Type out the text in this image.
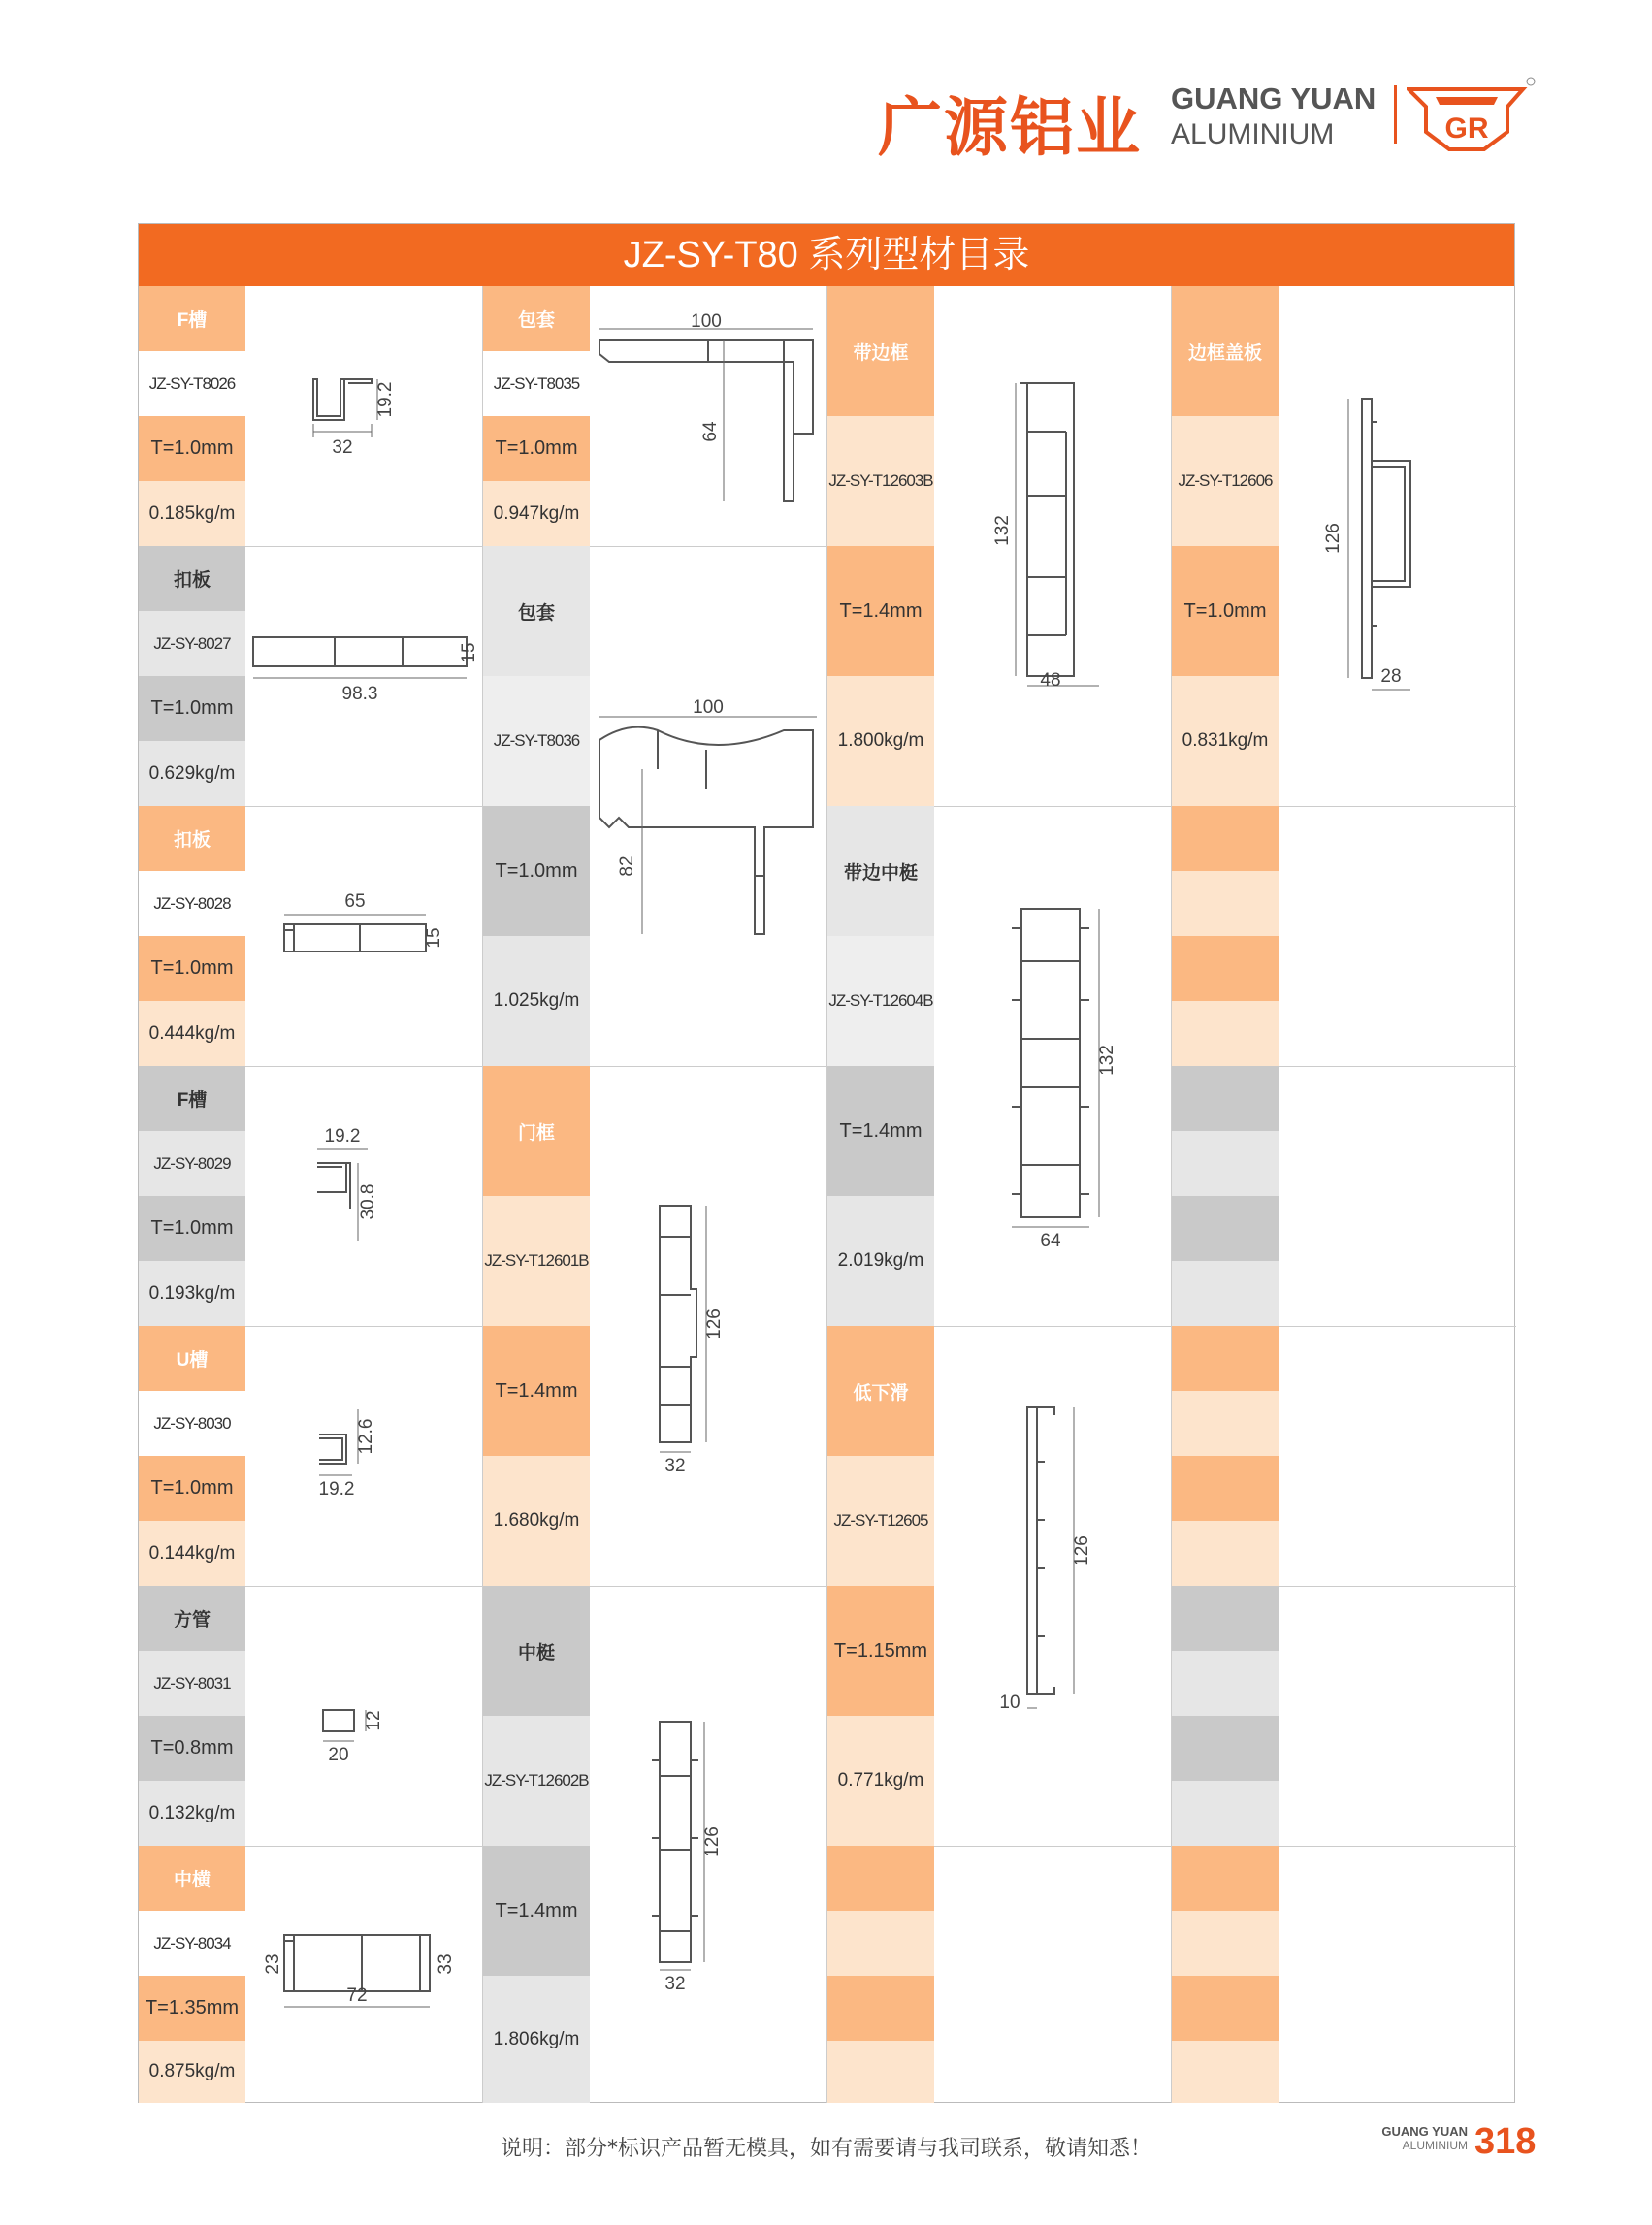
广源铝业 GUANG YUAN
ALUMINIUM	GR
JZ-SY-T80 系列型材目录
F槽
JZ-SY-T8026
T=1.0mm
0.185kg/m
32
19.2
扣板
JZ-SY-8027
T=1.0mm
0.629kg/m
98.3
15
扣板
JZ-SY-8028
T=1.0mm
0.444kg/m
65
15
F槽
JZ-SY-8029
T=1.0mm
0.193kg/m
19.2
30.8
U槽
JZ-SY-8030
T=1.0mm
0.144kg/m
12.6
19.2
方管
JZ-SY-8031
T=0.8mm
0.132kg/m
12
20
中横
JZ-SY-8034
T=1.35mm
0.875kg/m
23	33
72
包套
JZ-SY-T8035
T=1.0mm
0.947kg/m
100
64
包套
JZ-SY-T8036
T=1.0mm
1.025kg/m
100
82
门框
JZ-SY-T12601B
T=1.4mm
1.680kg/m
126
32
中梃
JZ-SY-T12602B
T=1.4mm
1.806kg/m
126
32
带边框
JZ-SY-T12603B
T=1.4mm
1.800kg/m
132
48
带边中梃
JZ-SY-T12604B
T=1.4mm
2.019kg/m
132
64
低下滑
JZ-SY-T12605
T=1.15mm
0.771kg/m
126
10
边框盖板
JZ-SY-T12606
T=1.0mm
0.831kg/m
126
28
说明：部分*标识产品暂无模具，如有需要请与我司联系，敬请知悉！
GUANG YUAN
ALUMINIUM 318
